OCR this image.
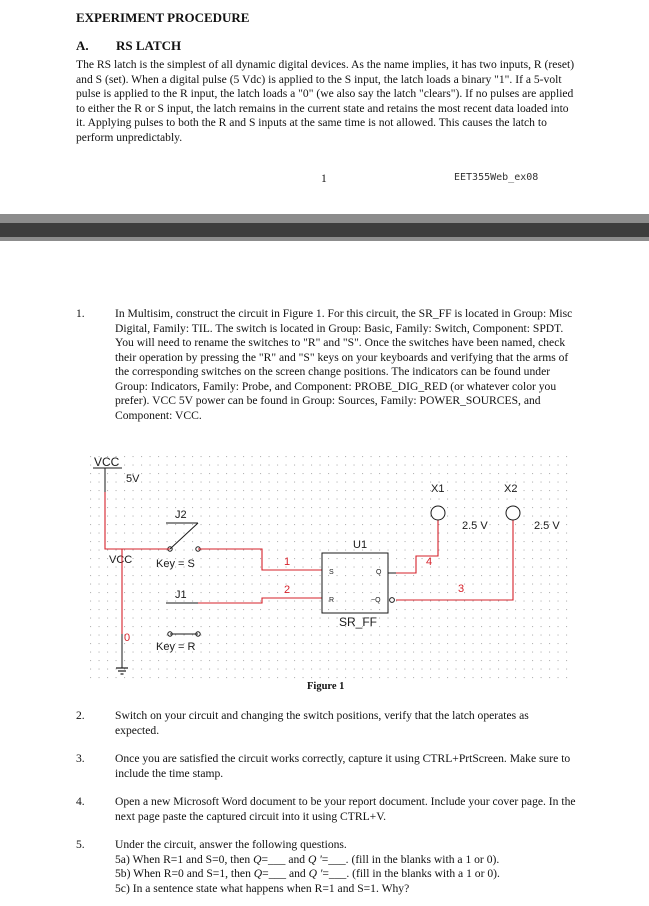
EXPERIMENT PROCEDURE
A. RS LATCH
The RS latch is the simplest of all dynamic digital devices. As the name implies, it has two inputs, R (reset) and S (set). When a digital pulse (5 Vdc) is applied to the S input, the latch loads a binary "1". If a 5-volt pulse is applied to the R input, the latch loads a "0" (we also say the latch "clears"). If no pulses are applied to either the R or S input, the latch remains in the current state and retains the most recent data loaded into it. Applying pulses to both the R and S inputs at the same time is not allowed. This causes the latch to perform unpredictably.
1	EET355Web_ex08
1.	In Multisim, construct the circuit in Figure 1. For this circuit, the SR_FF is located in Group: Misc Digital, Family: TIL. The switch is located in Group: Basic, Family: Switch, Component: SPDT. You will need to rename the switches to "R" and "S". Once the switches have been named, check their operation by pressing the "R" and "S" keys on your keyboards and verifying that the arms of the corresponding switches on the screen change positions. The indicators can be found under Group: Indicators, Family: Probe, and Component: PROBE_DIG_RED (or whatever color you prefer). VCC 5V power can be found in Group: Sources, Family: POWER_SOURCES, and Component: VCC.
VCC
5V
J2
VCC Key = S
J1
0
Key = R
1
2
4
3
U1
S
R
Q
~Q
SR_FF
X1
2.5 V
X2
2.5 V
Figure 1
2.	Switch on your circuit and changing the switch positions, verify that the latch operates as expected.
3.	Once you are satisfied the circuit works correctly, capture it using CTRL+PrtScreen. Make sure to include the time stamp.
4.	Open a new Microsoft Word document to be your report document. Include your cover page. In the next page paste the captured circuit into it using CTRL+V.
5.	Under the circuit, answer the following questions.
5a) When R=1 and S=0, then Q=___ and Q '=___. (fill in the blanks with a 1 or 0).
5b) When R=0 and S=1, then Q=___ and Q '=___. (fill in the blanks with a 1 or 0).
5c) In a sentence state what happens when R=1 and S=1. Why?
